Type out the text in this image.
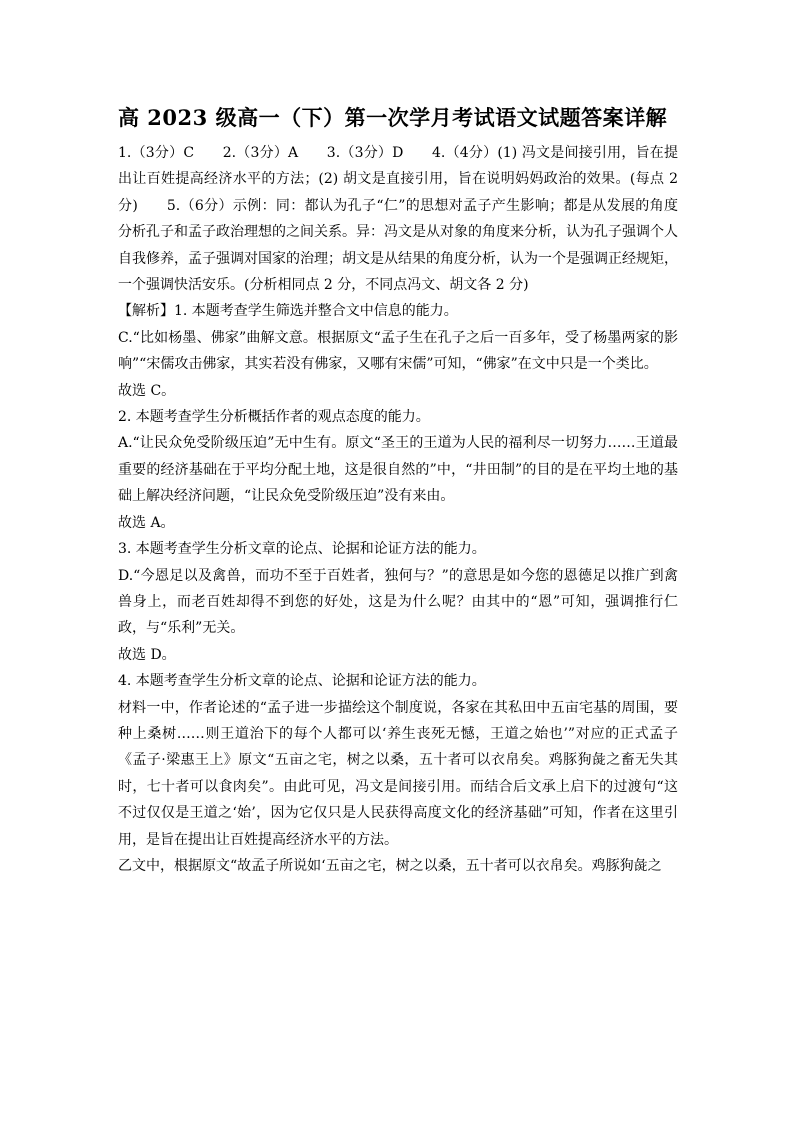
高 2023 级高一（下）第一次学月考试语文试题答案详解

1.（3分）C　　2.（3分）A　　3.（3分）D　　4.（4分）(1) 冯文是间接引用，旨在提出让百姓提高经济水平的方法；(2) 胡文是直接引用，旨在说明妈妈政治的效果。(每点 2 分)　　5.（6分）示例：同：都认为孔子“仁”的思想对孟子产生影响；都是从发展的角度分析孔子和孟子政治理想的之间关系。异：冯文是从对象的角度来分析，认为孔子强调个人自我修养，孟子强调对国家的治理；胡文是从结果的角度分析，认为一个是强调正经规矩，一个强调快活安乐。(分析相同点 2 分，不同点冯文、胡文各 2 分)

【解析】1. 本题考查学生筛选并整合文中信息的能力。

C.“比如杨墨、佛家”曲解文意。根据原文“孟子生在孔子之后一百多年，受了杨墨两家的影响”“宋儒攻击佛家，其实若没有佛家，又哪有宋儒”可知，“佛家”在文中只是一个类比。

故选 C。

2. 本题考查学生分析概括作者的观点态度的能力。

A.“让民众免受阶级压迫”无中生有。原文“圣王的王道为人民的福利尽一切努力……王道最重要的经济基础在于平均分配土地，这是很自然的”中，“井田制”的目的是在平均土地的基础上解决经济问题，“让民众免受阶级压迫”没有来由。

故选 A。

3. 本题考查学生分析文章的论点、论据和论证方法的能力。

D.“今恩足以及禽兽，而功不至于百姓者，独何与？”的意思是如今您的恩德足以推广到禽兽身上，而老百姓却得不到您的好处，这是为什么呢？由其中的“恩”可知，强调推行仁政，与“乐利”无关。

故选 D。

4. 本题考查学生分析文章的论点、论据和论证方法的能力。

材料一中，作者论述的“孟子进一步描绘这个制度说，各家在其私田中五亩宅基的周围，要种上桑树……则王道治下的每个人都可以‘养生丧死无憾，王道之始也’”对应的正式孟子《孟子·梁惠王上》原文“五亩之宅，树之以桑，五十者可以衣帛矣。鸡豚狗彘之畜无失其时，七十者可以食肉矣”。由此可见，冯文是间接引用。而结合后文承上启下的过渡句“这不过仅仅是王道之‘始’，因为它仅只是人民获得高度文化的经济基础”可知，作者在这里引用，是旨在提出让百姓提高经济水平的方法。

乙文中，根据原文“故孟子所说如‘五亩之宅，树之以桑，五十者可以衣帛矣。鸡豚狗彘之
